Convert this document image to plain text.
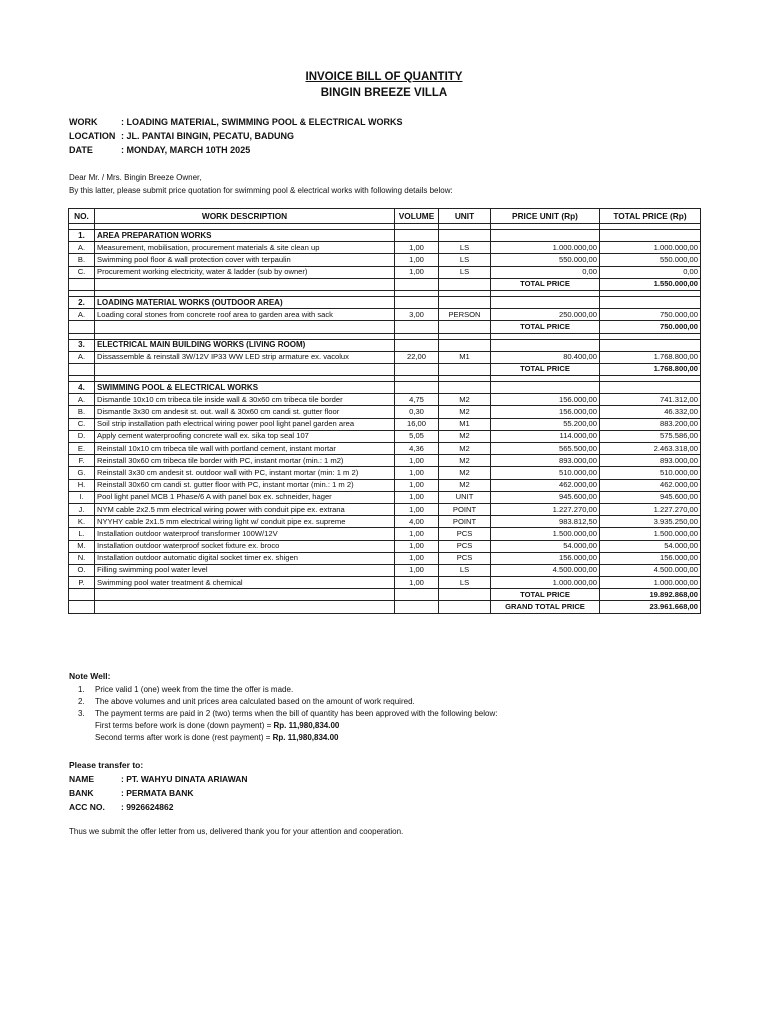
INVOICE BILL OF QUANTITY
BINGIN BREEZE VILLA
WORK	: LOADING MATERIAL, SWIMMING POOL & ELECTRICAL WORKS
LOCATION : JL. PANTAI BINGIN, PECATU, BADUNG
DATE	: MONDAY, MARCH 10TH 2025
Dear Mr. / Mrs. Bingin Breeze Owner,
By this latter, please submit price quotation for swimming pool & electrical works with following details below:
NO.	WORK DESCRIPTION	VOLUME	UNIT	PRICE UNIT (Rp)	TOTAL PRICE (Rp)

1.	AREA PREPARATION WORKS				
A.	Measurement, mobilisation, procurement materials & site clean up	1,00	LS	1.000.000,00	1.000.000,00
B.	Swimming pool floor & wall protection cover with terpaulin	1,00	LS	550.000,00	550.000,00
C.	Procurement working electricity, water & ladder (sub by owner)	1,00	LS	0,00	0,00
				TOTAL PRICE	1.550.000,00

2.	LOADING MATERIAL WORKS (OUTDOOR AREA)				
A.	Loading coral stones from concrete roof area to garden area with sack	3,00	PERSON	250.000,00	750.000,00
				TOTAL PRICE	750.000,00

3.	ELECTRICAL MAIN BUILDING WORKS (LIVING ROOM)				
A.	Dissassemble & reinstall 3W/12V IP33 WW LED strip armature ex. vacolux	22,00	M1	80.400,00	1.768.800,00
				TOTAL PRICE	1.768.800,00

4.	SWIMMING POOL & ELECTRICAL WORKS				
A.	Dismantle 10x10 cm tribeca tile inside wall & 30x60 cm tribeca tile border	4,75	M2	156.000,00	741.312,00
B.	Dismantle 3x30 cm andesit st. out. wall & 30x60 cm candi st. gutter floor	0,30	M2	156.000,00	46.332,00
C.	Soil strip installation path electrical wiring power pool light panel garden area	16,00	M1	55.200,00	883.200,00
D.	Apply cement waterproofing concrete wall ex. sika top seal 107	5,05	M2	114.000,00	575.586,00
E.	Reinstall 10x10 cm tribeca tile wall with portland cement, instant mortar	4,36	M2	565.500,00	2.463.318,00
F.	Reinstall 30x60 cm tribeca tile border with PC, instant mortar (min.: 1 m2)	1,00	M2	893.000,00	893.000,00
G.	Reinstall 3x30 cm andesit st. outdoor wall with PC, instant mortar (min: 1 m 2)	1,00	M2	510.000,00	510.000,00
H.	Reinstall 30x60 cm candi st. gutter floor with PC, instant mortar (min.: 1 m 2)	1,00	M2	462.000,00	462.000,00
I.	Pool light panel MCB 1 Phase/6 A with panel box ex. schneider, hager	1,00	UNIT	945.600,00	945.600,00
J.	NYM cable 2x2.5 mm electrical wiring power with conduit pipe ex. extrana	1,00	POINT	1.227.270,00	1.227.270,00
K.	NYYHY cable 2x1.5 mm electrical wiring light w/ conduit pipe ex. supreme	4,00	POINT	983.812,50	3.935.250,00
L.	Installation outdoor waterproof transformer 100W/12V	1,00	PCS	1.500.000,00	1.500.000,00
M.	Installation outdoor waterproof socket fixture ex. broco	1,00	PCS	54.000,00	54.000,00
N.	Installation outdoor automatic digital socket timer ex. shigen	1,00	PCS	156.000,00	156.000,00
O.	Filling swimming pool water level	1,00	LS	4.500.000,00	4.500.000,00
P.	Swimming pool water treatment & chemical	1,00	LS	1.000.000,00	1.000.000,00
				TOTAL PRICE	19.892.868,00
				GRAND TOTAL PRICE	23.961.668,00
Note Well:
1. Price valid 1 (one) week from the time the offer is made.
2. The above volumes and unit prices area calculated based on the amount of work required.
3. The payment terms are paid in 2 (two) terms when the bill of quantity has been approved with the following below:
First terms before work is done (down payment) = Rp. 11,980,834.00
Second terms after work is done (rest payment) = Rp. 11,980,834.00
Please transfer to:
NAME	: PT. WAHYU DINATA ARIAWAN
BANK	: PERMATA BANK
ACC NO. : 9926624862
Thus we submit the offer letter from us, delivered thank you for your attention and cooperation.
